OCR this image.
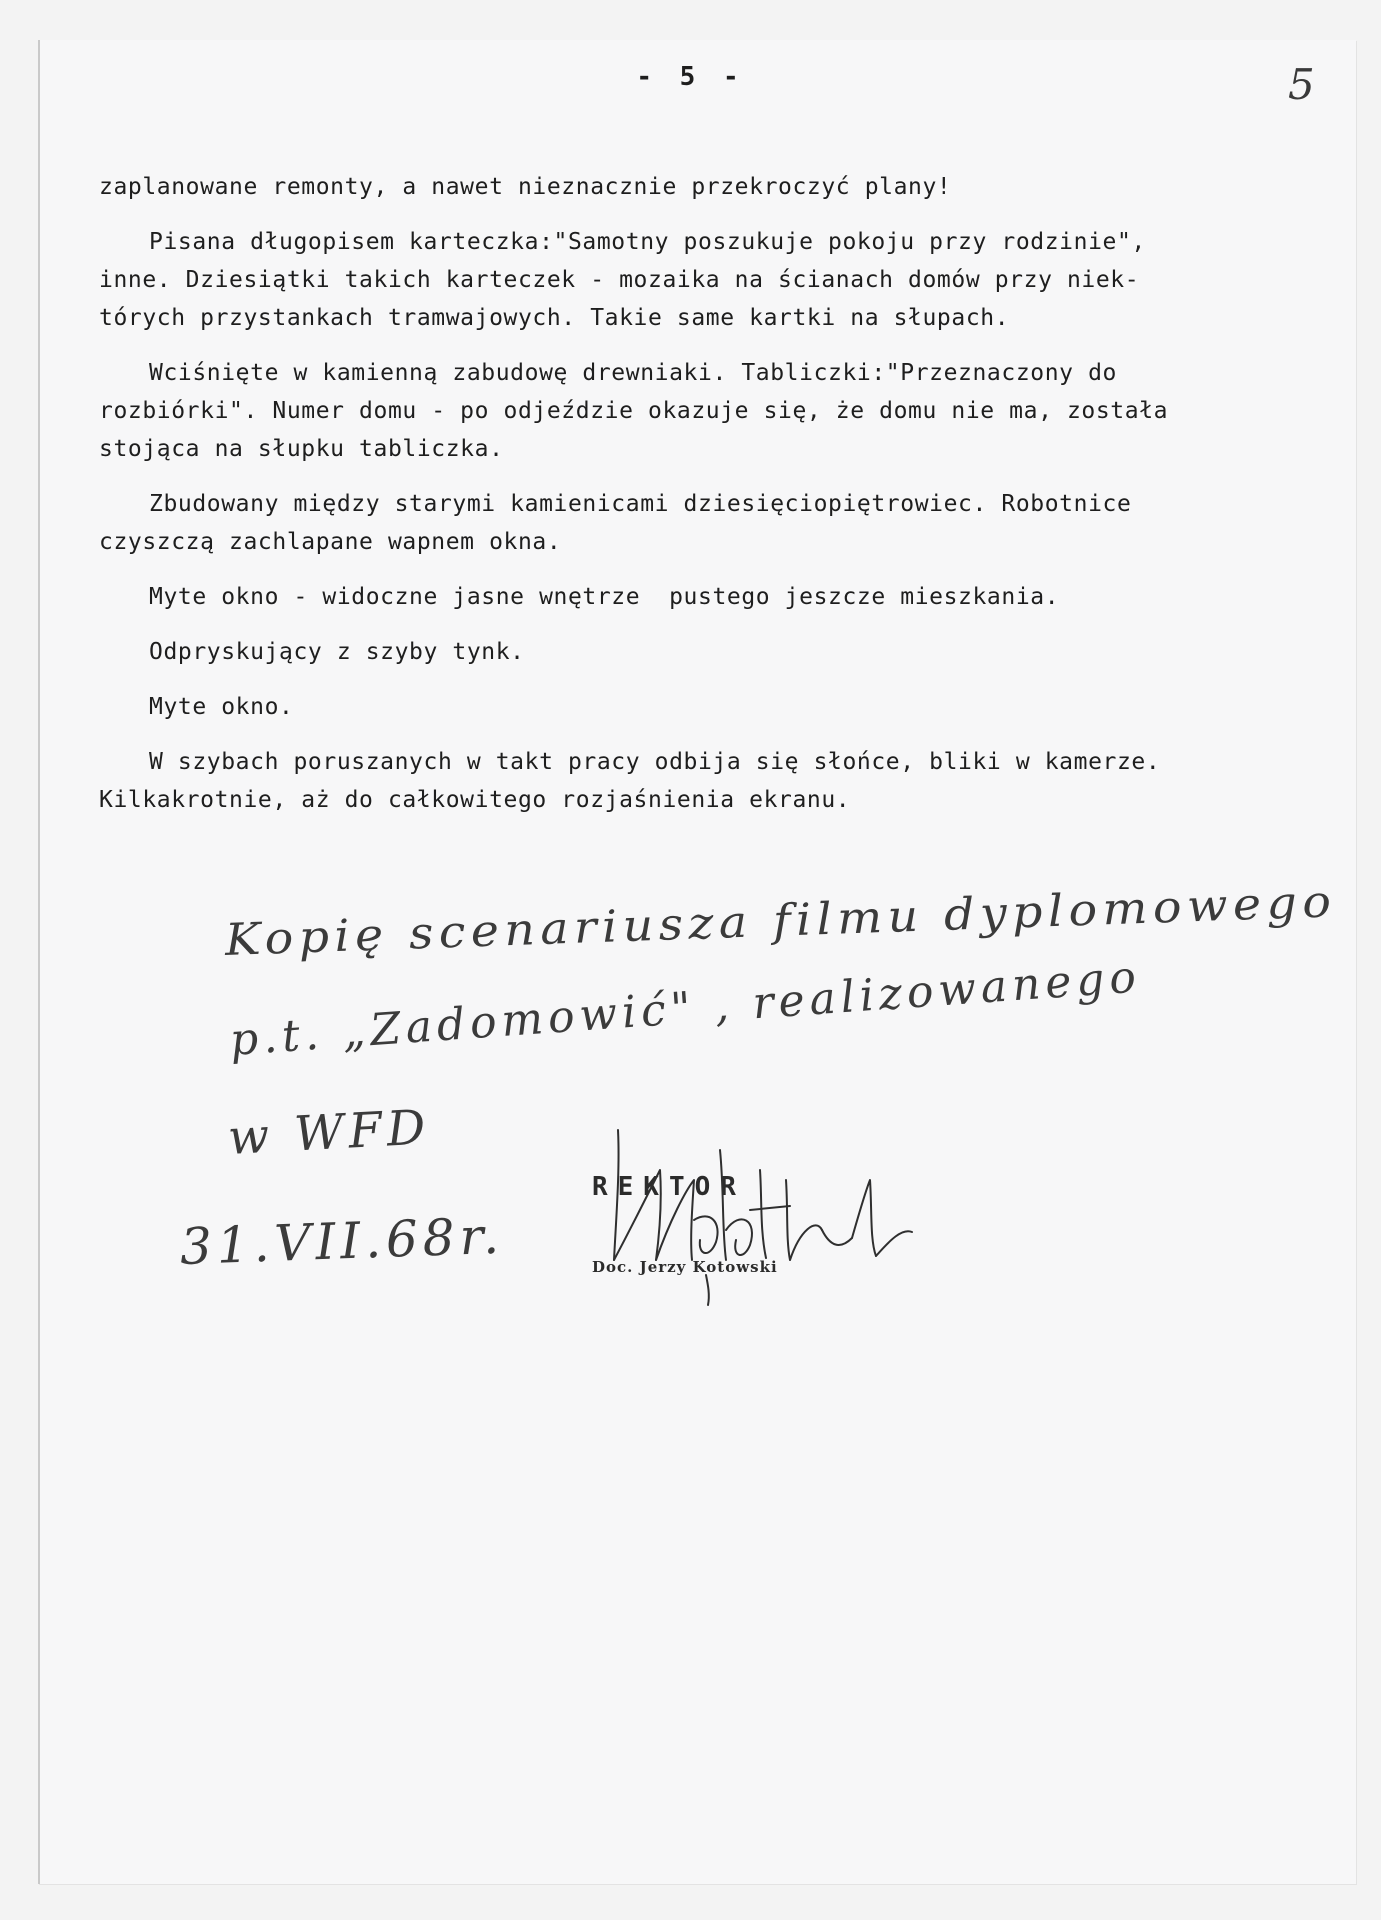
- 5 -	5
zaplanowane remonty, a nawet nieznacznie przekroczyć plany!
Pisana długopisem karteczka:"Samotny poszukuje pokoju przy rodzinie",
inne. Dziesiątki takich karteczek - mozaika na ścianach domów przy niek-
tórych przystankach tramwajowych. Takie same kartki na słupach.
Wciśnięte w kamienną zabudowę drewniaki. Tabliczki:"Przeznaczony do
rozbiórki". Numer domu - po odjeździe okazuje się, że domu nie ma, została
stojąca na słupku tabliczka.
Zbudowany między starymi kamienicami dziesięciopiętrowiec. Robotnice
czyszczą zachlapane wapnem okna.
Myte okno - widoczne jasne wnętrze  pustego jeszcze mieszkania.
Odpryskujący z szyby tynk.
Myte okno.
W szybach poruszanych w takt pracy odbija się słońce, bliki w kamerze.
Kilkakrotnie, aż do całkowitego rozjaśnienia ekranu.
Kopię scenariusza filmu dyplomowego
p.t. „Zadomowić" , realizowanego
w WFD
31.VII.68r.
REKTOR
Doc. Jerzy Kotowski
